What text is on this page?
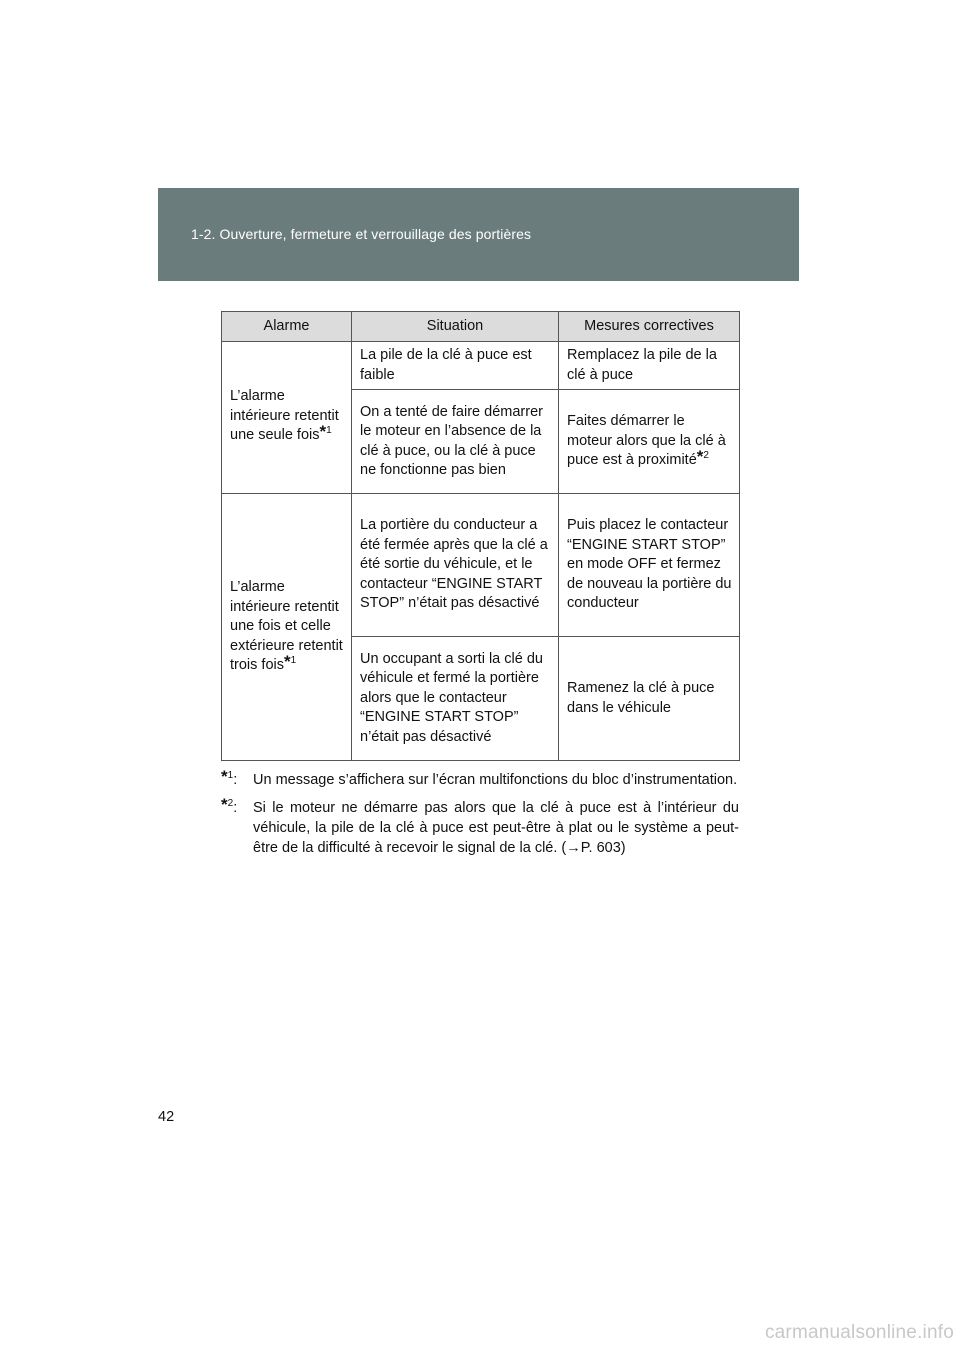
1-2. Ouverture, fermeture et verrouillage des portières
Alarme	Situation	Mesures correctives
L’alarme intérieure retentit une seule fois*$^1$	La pile de la clé à puce est faible	Remplacez la pile de la clé à puce
	On a tenté de faire démarrer le moteur en l’absence de la clé à puce, ou la clé à puce ne fonctionne pas bien	Faites démarrer le moteur alors que la clé à puce est à proximité*$^2$
L’alarme intérieure retentit une fois et celle extérieure retentit trois fois*$^1$	La portière du conducteur a été fermée après que la clé a été sortie du véhicule, et le contacteur “ENGINE START STOP” n’était pas désactivé	Puis placez le contacteur “ENGINE START STOP” en mode OFF et fermez de nouveau la portière du conducteur
	Un occupant a sorti la clé du véhicule et fermé la portière alors que le contacteur “ENGINE START STOP” n’était pas désactivé	Ramenez la clé à puce dans le véhicule
*$^1$:	Un message s’affichera sur l’écran multifonctions du bloc d’instrumentation.
*$^2$:	Si le moteur ne démarre pas alors que la clé à puce est à l’intérieur du véhicule, la pile de la clé à puce est peut-être à plat ou le système a peut-être de la difficulté à recevoir le signal de la clé. (→P. 603)
42
carmanualsonline.info
